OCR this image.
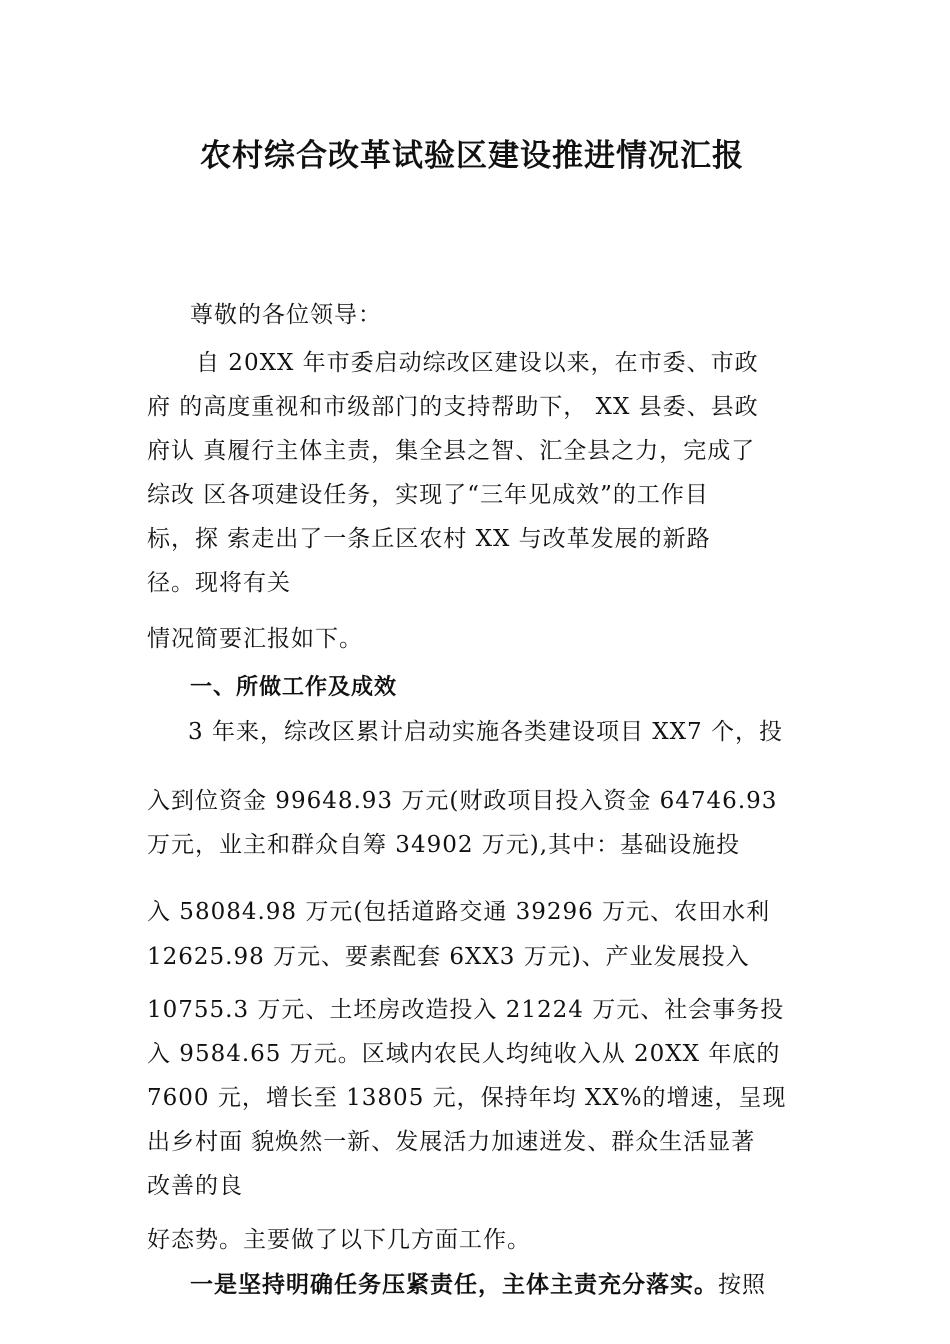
农村综合改革试验区建设推进情况汇报
尊敬的各位领导：
自 20XX 年市委启动综改区建设以来，在市委、市政
府 的高度重视和市级部门的支持帮助下， XX 县委、县政
府认 真履行主体主责，集全县之智、汇全县之力，完成了
综改 区各项建设任务，实现了“三年见成效”的工作目
标，探 索走出了一条丘区农村 XX 与改革发展的新路
径。现将有关
情况简要汇报如下。
一、所做工作及成效
3 年来，综改区累计启动实施各类建设项目 XX7 个，投
入到位资金 99648.93 万元(财政项目投入资金 64746.93
万元，业主和群众自筹 34902 万元),其中：基础设施投
入 58084.98 万元(包括道路交通 39296 万元、农田水利
12625.98 万元、要素配套 6XX3 万元)、产业发展投入
10755.3 万元、土坯房改造投入 21224 万元、社会事务投
入 9584.65 万元。区域内农民人均纯收入从 20XX 年底的
7600 元，增长至 13805 元，保持年均 XX%的增速，呈现
出乡村面 貌焕然一新、发展活力加速迸发、群众生活显著
改善的良
好态势。主要做了以下几方面工作。
一是坚持明确任务压紧责任，主体主责充分落实。按照
